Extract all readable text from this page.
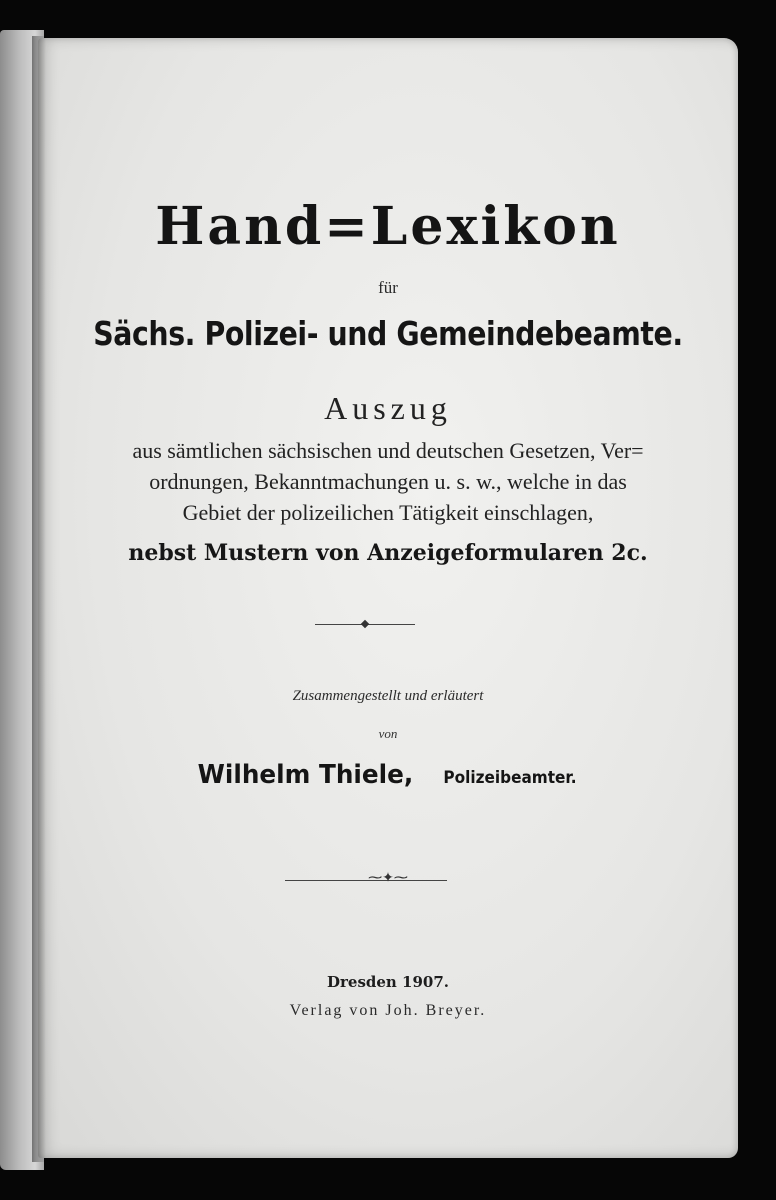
Hand=Lexikon
für
Sächs. Polizei- und Gemeindebeamte.
Auszug
aus sämtlichen sächsischen und deutschen Gesetzen, Ver=
ordnungen, Bekanntmachungen u. s. w., welche in das
Gebiet der polizeilichen Tätigkeit einschlagen,
nebst Mustern von Anzeigeformularen 2c.
Zusammengestellt und erläutert
von
Wilhelm Thiele, Polizeibeamter.
⁓✦⁓
Dresden 1907.
Verlag von Joh. Breyer.
